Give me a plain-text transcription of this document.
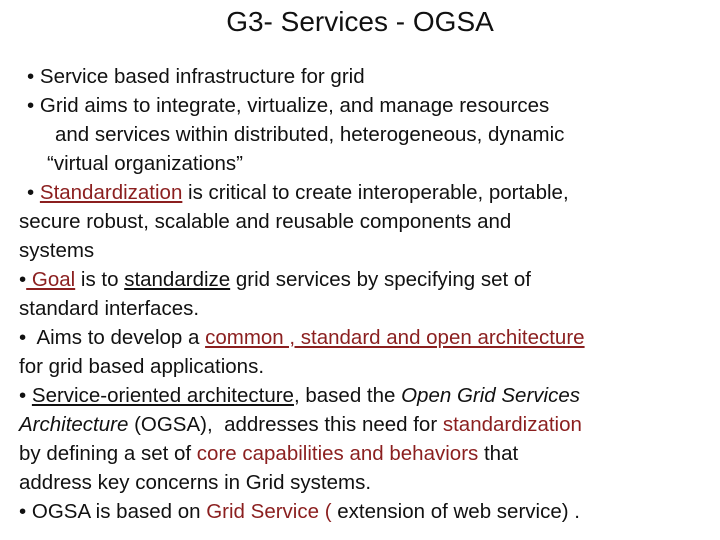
G3- Services - OGSA
• Service based infrastructure for grid
• Grid aims to integrate, virtualize, and manage resources
and services within distributed, heterogeneous, dynamic
“virtual organizations”
• Standardization is critical to create interoperable, portable,
secure robust, scalable and reusable components and
systems
• Goal is to standardize grid services by specifying set of
standard interfaces.
•  Aims to develop a common , standard and open architecture
for grid based applications.
• Service-oriented architecture, based the Open Grid Services
Architecture (OGSA),  addresses this need for standardization
by defining a set of core capabilities and behaviors that
address key concerns in Grid systems.
• OGSA is based on Grid Service ( extension of web service) .
